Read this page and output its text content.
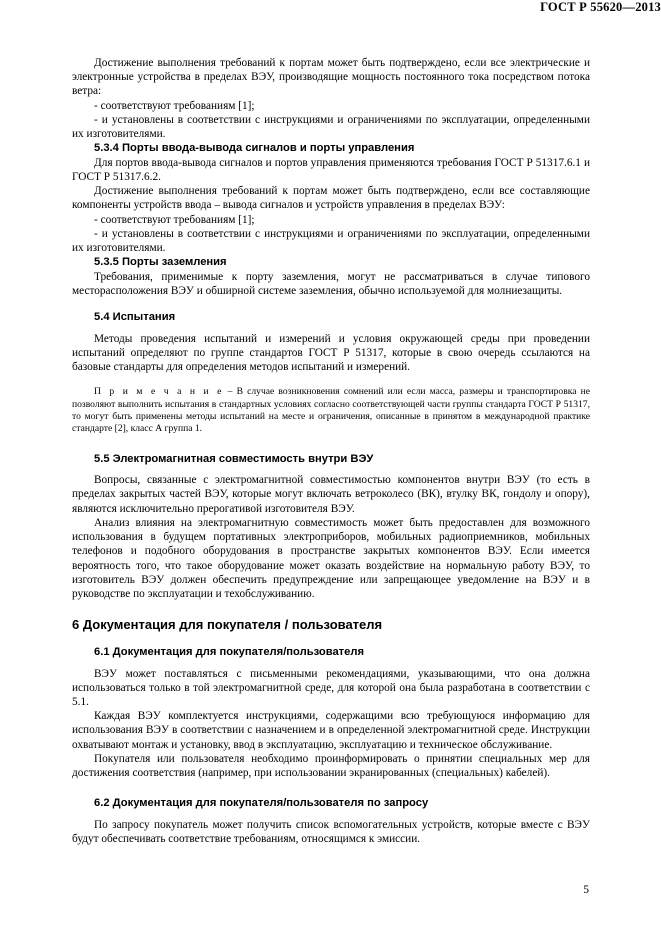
ГОСТ Р 55620—2013

Достижение выполнения требований к портам может быть подтверждено, если все электрические и электронные устройства в пределах ВЭУ, производящие мощность постоянного тока посредством потока ветра:

- соответствуют требованиям [1];

- и установлены в соответствии с инструкциями и ограничениями по эксплуатации, определенными их изготовителями.

5.3.4 Порты ввода-вывода сигналов и порты управления

Для портов ввода-вывода сигналов и портов управления применяются требования ГОСТ Р 51317.6.1 и ГОСТ Р 51317.6.2.

Достижение выполнения требований к портам может быть подтверждено, если все составляющие компоненты устройств ввода – вывода сигналов и устройств управления в пределах ВЭУ:

- соответствуют требованиям [1];

- и установлены в соответствии с инструкциями и ограничениями по эксплуатации, определенными их изготовителями.

5.3.5 Порты заземления

Требования, применимые к порту заземления, могут не рассматриваться в случае типового месторасположения ВЭУ и обширной системе заземления, обычно используемой для молниезащиты.

5.4 Испытания

Методы проведения испытаний и измерений и условия окружающей среды при проведении испытаний определяют по группе стандартов ГОСТ Р 51317, которые в свою очередь ссылаются на базовые стандарты для определения методов испытаний и измерений.

П р и м е ч а н и е – В случае возникновения сомнений или если масса, размеры и транспортировка не позволяют выполнить испытания в стандартных условиях согласно соответствующей части группы стандарта ГОСТ Р 51317, то могут быть применены методы испытаний на месте и ограничения, описанные в принятом в международной практике стандарте [2], класс А группа 1.

5.5 Электромагнитная совместимость внутри ВЭУ

Вопросы, связанные с электромагнитной совместимостью компонентов внутри ВЭУ (то есть в пределах закрытых частей ВЭУ, которые могут включать ветроколесо (ВК), втулку ВК, гондолу и опору), являются исключительно прерогативой изготовителя ВЭУ.

Анализ влияния на электромагнитную совместимость может быть предоставлен для возможного использования в будущем портативных электроприборов, мобильных радиоприемников, мобильных телефонов и подобного оборудования в пространстве закрытых компонентов ВЭУ. Если имеется вероятность того, что такое оборудование может оказать воздействие на нормальную работу ВЭУ, то изготовитель ВЭУ должен обеспечить предупреждение или запрещающее уведомление на ВЭУ и в руководстве по эксплуатации и техобслуживанию.

6 Документация для покупателя / пользователя

6.1 Документация для покупателя/пользователя

ВЭУ может поставляться с письменными рекомендациями, указывающими, что она должна использоваться только в той электромагнитной среде, для которой она была разработана в соответствии с 5.1.

Каждая ВЭУ комплектуется инструкциями, содержащими всю требующуюся информацию для использования ВЭУ в соответствии с назначением и в определенной электромагнитной среде. Инструкции охватывают монтаж и установку, ввод в эксплуатацию, эксплуатацию и техническое обслуживание.

Покупателя или пользователя необходимо проинформировать о принятии специальных мер для достижения соответствия (например, при использовании экранированных (специальных) кабелей).

6.2 Документация для покупателя/пользователя по запросу

По запросу покупатель может получить список вспомогательных устройств, которые вместе с ВЭУ будут обеспечивать соответствие требованиям, относящимся к эмиссии.

5
